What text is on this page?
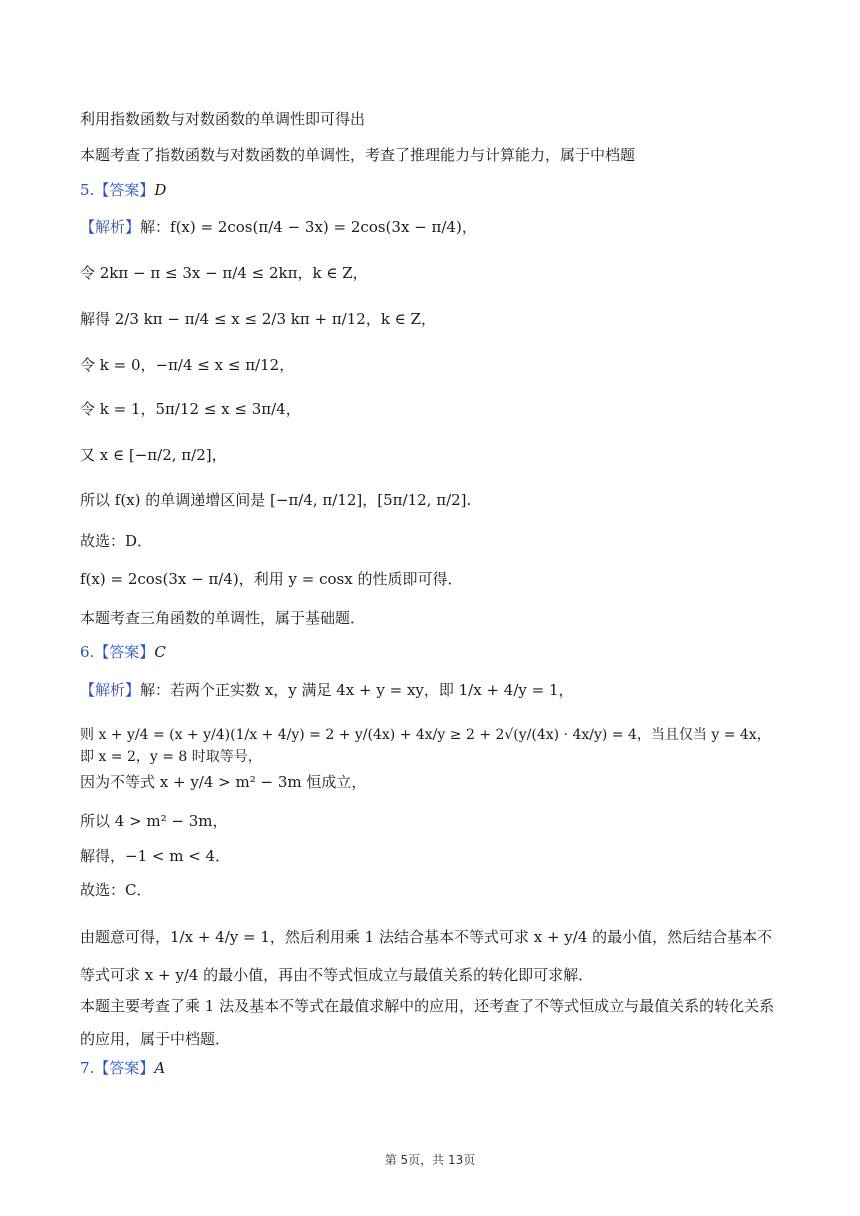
利用指数函数与对数函数的单调性即可得出
本题考查了指数函数与对数函数的单调性，考查了推理能力与计算能力，属于中档题
5.【答案】D
【解析】解：f(x) = 2cos(π/4 − 3x) = 2cos(3x − π/4)，
令 2kπ − π ≤ 3x − π/4 ≤ 2kπ，k ∈ Z，
解得 2/3 kπ − π/4 ≤ x ≤ 2/3 kπ + π/12，k ∈ Z，
令 k = 0，−π/4 ≤ x ≤ π/12，
令 k = 1，5π/12 ≤ x ≤ 3π/4，
又 x ∈ [−π/2, π/2]，
所以 f(x) 的单调递增区间是 [−π/4, π/12]，[5π/12, π/2].
故选：D．
f(x) = 2cos(3x − π/4)，利用 y = cosx 的性质即可得．
本题考查三角函数的单调性，属于基础题．
6.【答案】C
【解析】解：若两个正实数 x，y 满足 4x + y = xy，即 1/x + 4/y = 1，
则 x + y/4 = (x + y/4)(1/x + 4/y) = 2 + y/(4x) + 4x/y ≥ 2 + 2√(y/(4x) · 4x/y) = 4，当且仅当 y = 4x，即 x = 2，y = 8 时取等号，
因为不等式 x + y/4 > m² − 3m 恒成立，
所以 4 > m² − 3m，
解得，−1 < m < 4．
故选：C．
由题意可得，1/x + 4/y = 1，然后利用乘 1 法结合基本不等式可求 x + y/4 的最小值，然后结合基本不等式可求 x + y/4 的最小值，再由不等式恒成立与最值关系的转化即可求解．
本题主要考查了乘 1 法及基本不等式在最值求解中的应用，还考查了不等式恒成立与最值关系的转化关系的应用，属于中档题．
7.【答案】A
第 5页，共 13页
